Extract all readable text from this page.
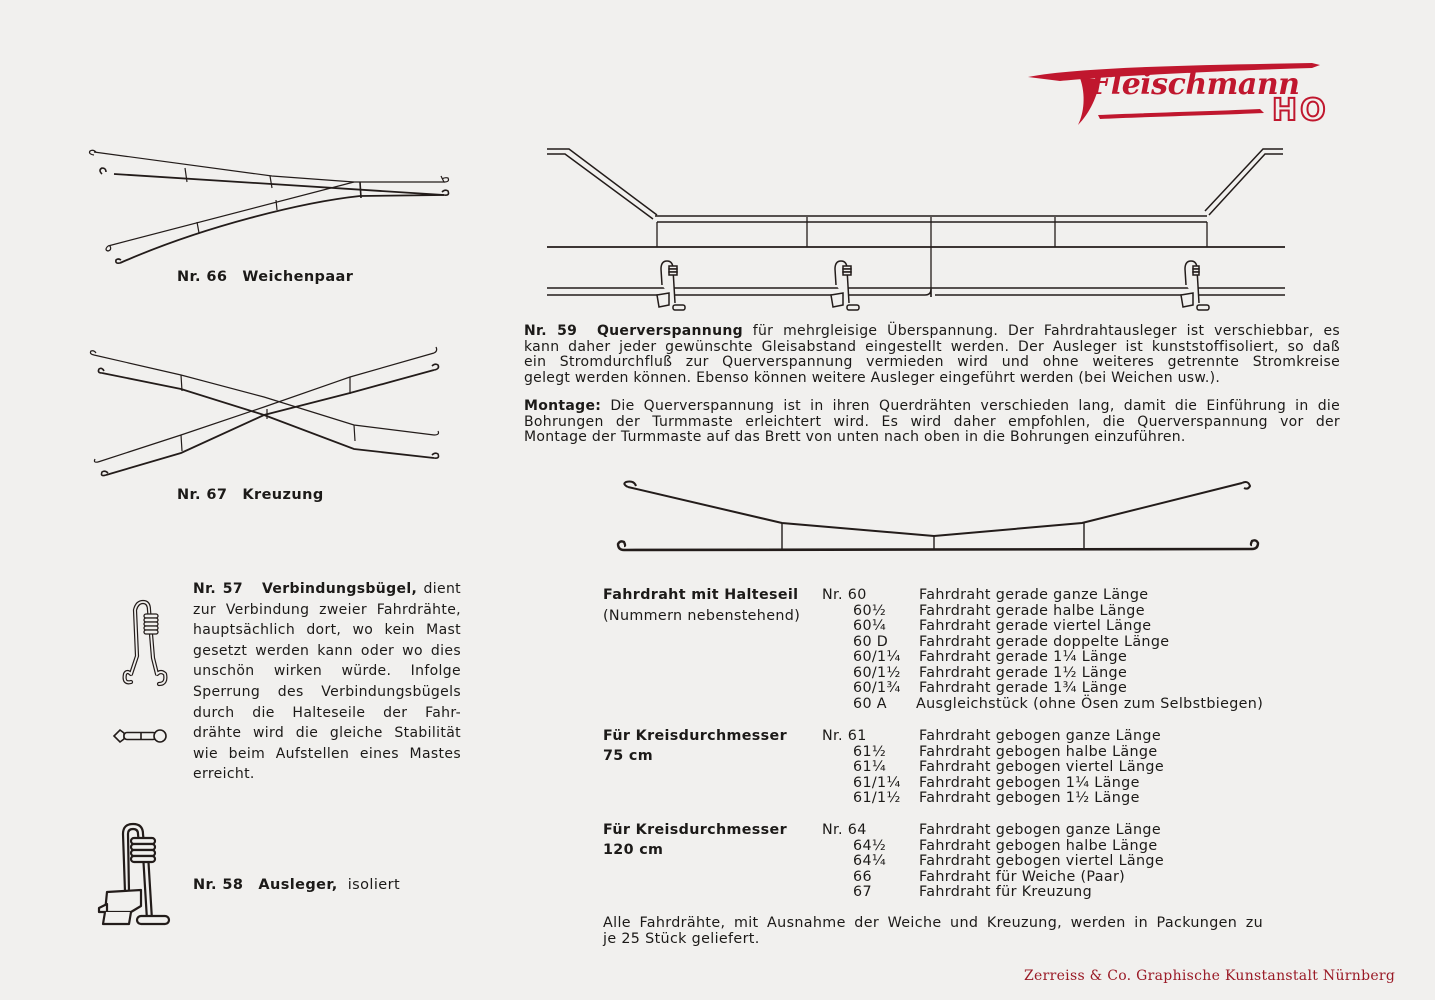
Fleischmann
HO
Nr. 66 Weichenpaar
Nr. 67 Kreuzung
Nr. 57 Verbindungsbügel, dient
zur Verbindung zweier Fahrdrähte,
hauptsächlich dort, wo kein Mast
gesetzt werden kann oder wo dies
unschön wirken würde. Infolge
Sperrung des Verbindungsbügels
durch die Halteseile der Fahr-
drähte wird die gleiche Stabilität
wie beim Aufstellen eines Mastes
erreicht.
Nr. 58 Ausleger, isoliert
Nr. 59 Querverspannung für mehrgleisige Überspannung. Der Fahrdrahtausleger ist verschiebbar, es
kann daher jeder gewünschte Gleisabstand eingestellt werden. Der Ausleger ist kunststoffisoliert, so daß
ein Stromdurchfluß zur Querverspannung vermieden wird und ohne weiteres getrennte Stromkreise
gelegt werden können. Ebenso können weitere Ausleger eingeführt werden (bei Weichen usw.).
Montage: Die Querverspannung ist in ihren Querdrähten verschieden lang, damit die Einführung in die
Bohrungen der Turmmaste erleichtert wird. Es wird daher empfohlen, die Querverspannung vor der
Montage der Turmmaste auf das Brett von unten nach oben in die Bohrungen einzuführen.
Fahrdraht mit Halteseil
(Nummern nebenstehend)
Nr. 60
60½
60¼
60 D
60/1¼
60/1½
60/1¾
60 A
Fahrdraht gerade ganze Länge
Fahrdraht gerade halbe Länge
Fahrdraht gerade viertel Länge
Fahrdraht gerade doppelte Länge
Fahrdraht gerade 1¼ Länge
Fahrdraht gerade 1½ Länge
Fahrdraht gerade 1¾ Länge
Ausgleichstück (ohne Ösen zum Selbstbiegen)
Für Kreisdurchmesser
75 cm
Nr. 61
61½
61¼
61/1¼
61/1½
Fahrdraht gebogen ganze Länge
Fahrdraht gebogen halbe Länge
Fahrdraht gebogen viertel Länge
Fahrdraht gebogen 1¼ Länge
Fahrdraht gebogen 1½ Länge
Für Kreisdurchmesser
120 cm
Nr. 64
64½
64¼
66
67
Fahrdraht gebogen ganze Länge
Fahrdraht gebogen halbe Länge
Fahrdraht gebogen viertel Länge
Fahrdraht für Weiche (Paar)
Fahrdraht für Kreuzung
Alle Fahrdrähte, mit Ausnahme der Weiche und Kreuzung, werden in Packungen zu
je 25 Stück geliefert.
Zerreiss & Co. Graphische Kunstanstalt Nürnberg
